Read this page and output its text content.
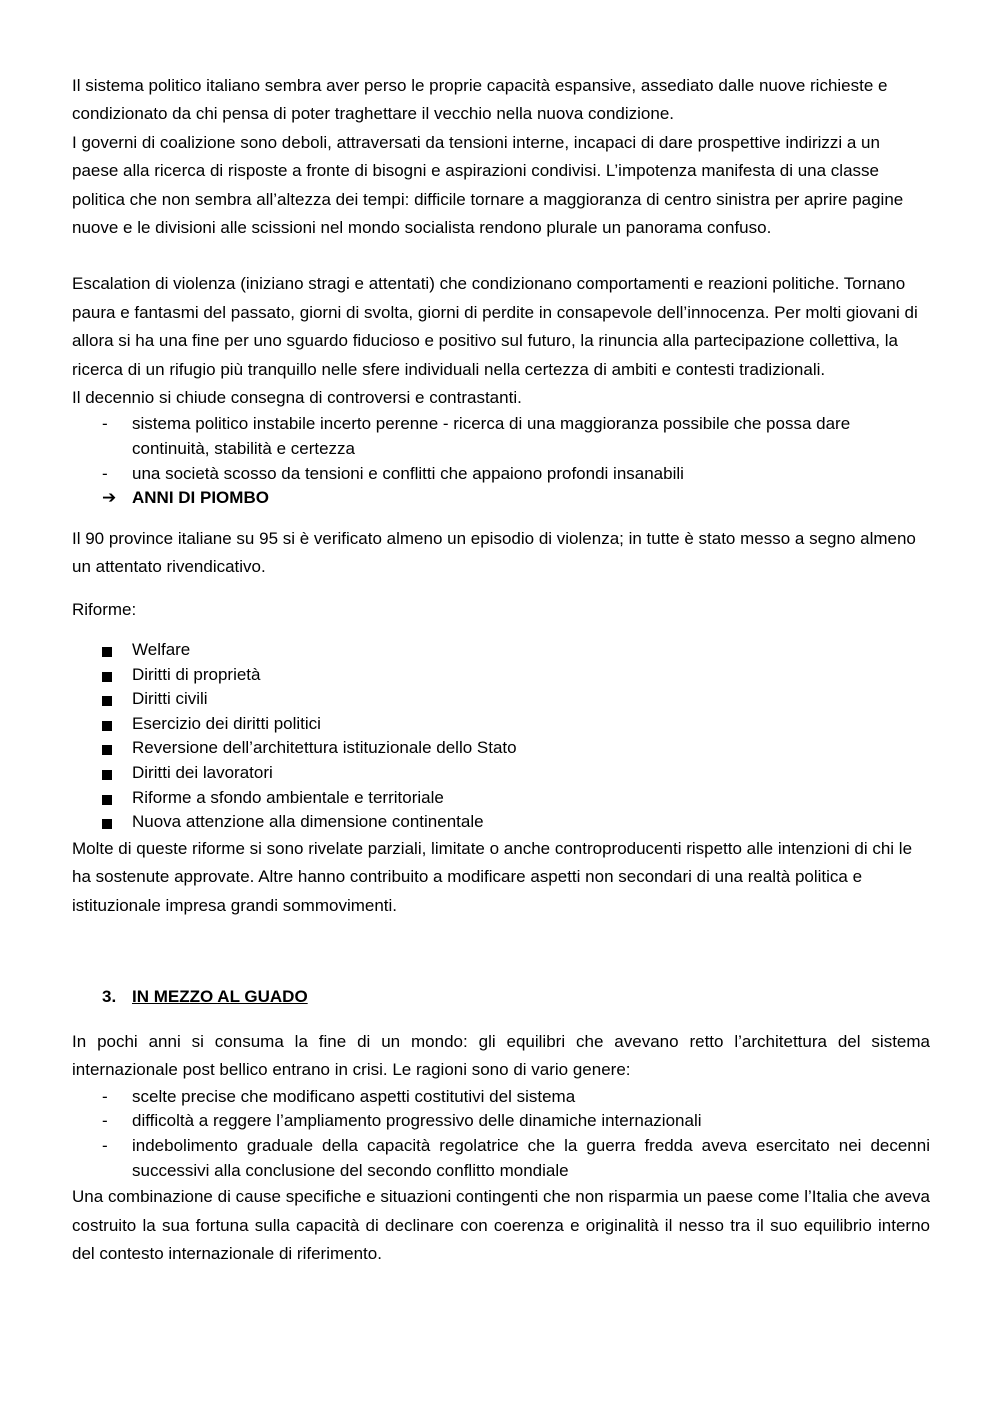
Il sistema politico italiano sembra aver perso le proprie capacità espansive, assediato dalle nuove richieste e condizionato da chi pensa di poter traghettare il vecchio nella nuova condizione.

I governi di coalizione sono deboli, attraversati da tensioni interne, incapaci di dare prospettive indirizzi a un paese alla ricerca di risposte a fronte di bisogni e aspirazioni condivisi. L’impotenza manifesta di una classe politica che non sembra all’altezza dei tempi: difficile tornare a maggioranza di centro sinistra per aprire pagine nuove e le divisioni alle scissioni nel mondo socialista rendono plurale un panorama confuso.

Escalation di violenza (iniziano stragi e attentati) che condizionano comportamenti e reazioni politiche. Tornano paura e fantasmi del passato, giorni di svolta, giorni di perdite in consapevole dell’innocenza. Per molti giovani di allora si ha una fine per uno sguardo fiducioso e positivo sul futuro, la rinuncia alla partecipazione collettiva, la ricerca di un rifugio più tranquillo nelle sfere individuali nella certezza di ambiti e contesti tradizionali.

Il decennio si chiude consegna di controversi e contrastanti.

- sistema politico instabile incerto perenne - ricerca di una maggioranza possibile che possa dare continuità, stabilità e certezza
- una società scosso da tensioni e conflitti che appaiono profondi insanabili
➔ ANNI DI PIOMBO

Il 90 province italiane su 95 si è verificato almeno un episodio di violenza; in tutte è stato messo a segno almeno un attentato rivendicativo.

Riforme:

Welfare
Diritti di proprietà
Diritti civili
Esercizio dei diritti politici
Reversione dell’architettura istituzionale dello Stato
Diritti dei lavoratori
Riforme a sfondo ambientale e territoriale
Nuova attenzione alla dimensione continentale

Molte di queste riforme si sono rivelate parziali, limitate o anche controproducenti rispetto alle intenzioni di chi le ha sostenute approvate. Altre hanno contribuito a modificare aspetti non secondari di una realtà politica e istituzionale impresa grandi sommovimenti.

3. IN MEZZO AL GUADO

In pochi anni si consuma la fine di un mondo: gli equilibri che avevano retto l’architettura del sistema internazionale post bellico entrano in crisi. Le ragioni sono di vario genere:

- scelte precise che modificano aspetti costitutivi del sistema
- difficoltà a reggere l’ampliamento progressivo delle dinamiche internazionali
- indebolimento graduale della capacità regolatrice che la guerra fredda aveva esercitato nei decenni successivi alla conclusione del secondo conflitto mondiale

Una combinazione di cause specifiche e situazioni contingenti che non risparmia un paese come l’Italia che aveva costruito la sua fortuna sulla capacità di declinare con coerenza e originalità il nesso tra il suo equilibrio interno del contesto internazionale di riferimento.
